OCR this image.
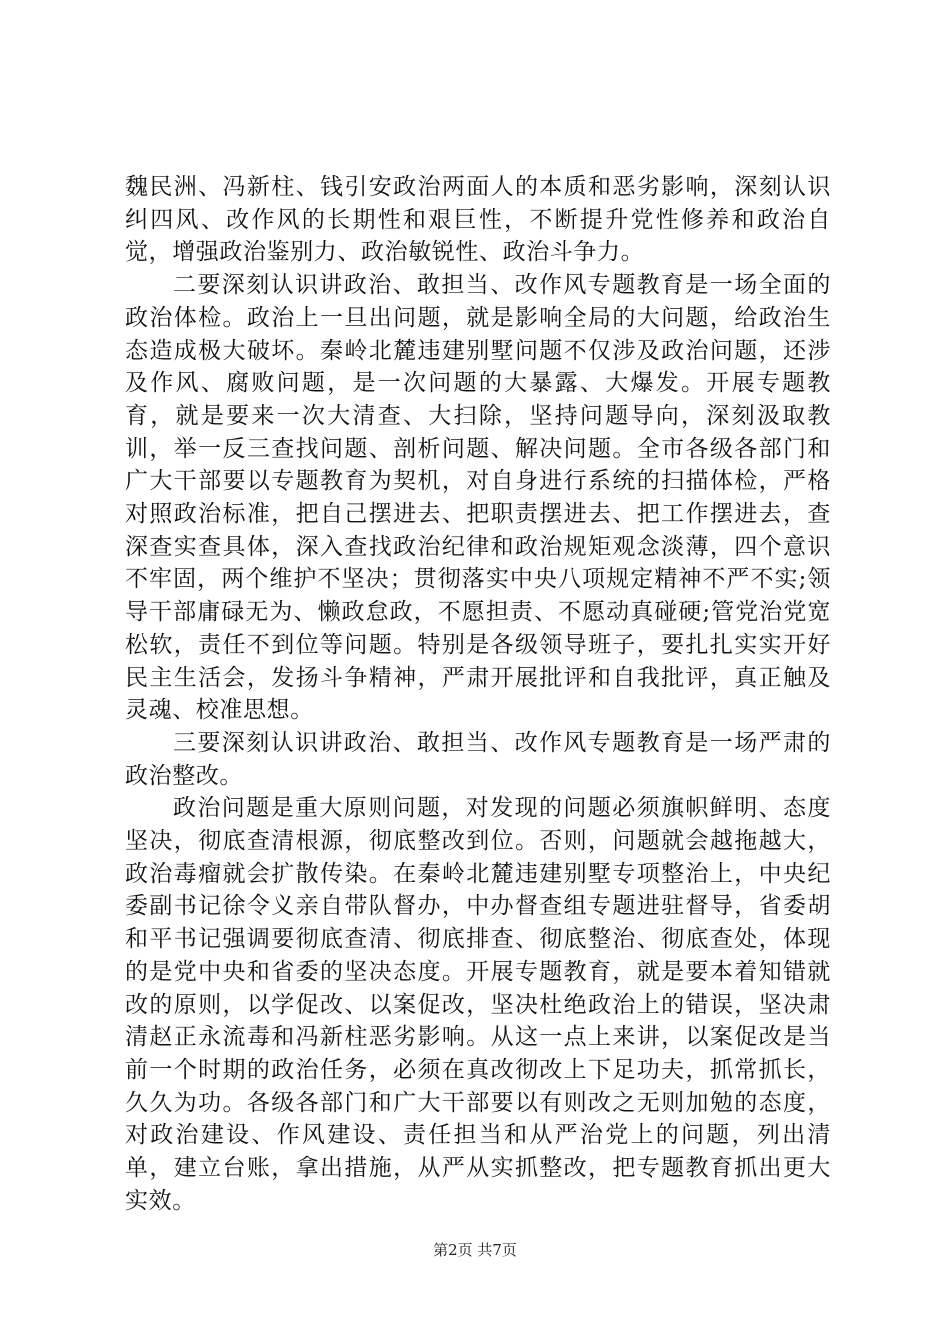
魏民洲、冯新柱、钱引安政治两面人的本质和恶劣影响，深刻认识纠四风、改作风的长期性和艰巨性，不断提升党性修养和政治自觉，增强政治鉴别力、政治敏锐性、政治斗争力。

二要深刻认识讲政治、敢担当、改作风专题教育是一场全面的政治体检。政治上一旦出问题，就是影响全局的大问题，给政治生态造成极大破坏。秦岭北麓违建别墅问题不仅涉及政治问题，还涉及作风、腐败问题，是一次问题的大暴露、大爆发。开展专题教育，就是要来一次大清查、大扫除，坚持问题导向，深刻汲取教训，举一反三查找问题、剖析问题、解决问题。全市各级各部门和广大干部要以专题教育为契机，对自身进行系统的扫描体检，严格对照政治标准，把自己摆进去、把职责摆进去、把工作摆进去，查深查实查具体，深入查找政治纪律和政治规矩观念淡薄，四个意识不牢固，两个维护不坚决；贯彻落实中央八项规定精神不严不实;领导干部庸碌无为、懒政怠政，不愿担责、不愿动真碰硬;管党治党宽松软，责任不到位等问题。特别是各级领导班子，要扎扎实实开好民主生活会，发扬斗争精神，严肃开展批评和自我批评，真正触及灵魂、校准思想。

三要深刻认识讲政治、敢担当、改作风专题教育是一场严肃的政治整改。

政治问题是重大原则问题，对发现的问题必须旗帜鲜明、态度坚决，彻底查清根源，彻底整改到位。否则，问题就会越拖越大，政治毒瘤就会扩散传染。在秦岭北麓违建别墅专项整治上，中央纪委副书记徐令义亲自带队督办，中办督查组专题进驻督导，省委胡和平书记强调要彻底查清、彻底排查、彻底整治、彻底查处，体现的是党中央和省委的坚决态度。开展专题教育，就是要本着知错就改的原则，以学促改、以案促改，坚决杜绝政治上的错误，坚决肃清赵正永流毒和冯新柱恶劣影响。从这一点上来讲，以案促改是当前一个时期的政治任务，必须在真改彻改上下足功夫，抓常抓长，久久为功。各级各部门和广大干部要以有则改之无则加勉的态度，对政治建设、作风建设、责任担当和从严治党上的问题，列出清单，建立台账，拿出措施，从严从实抓整改，把专题教育抓出更大实效。

第2页 共7页
